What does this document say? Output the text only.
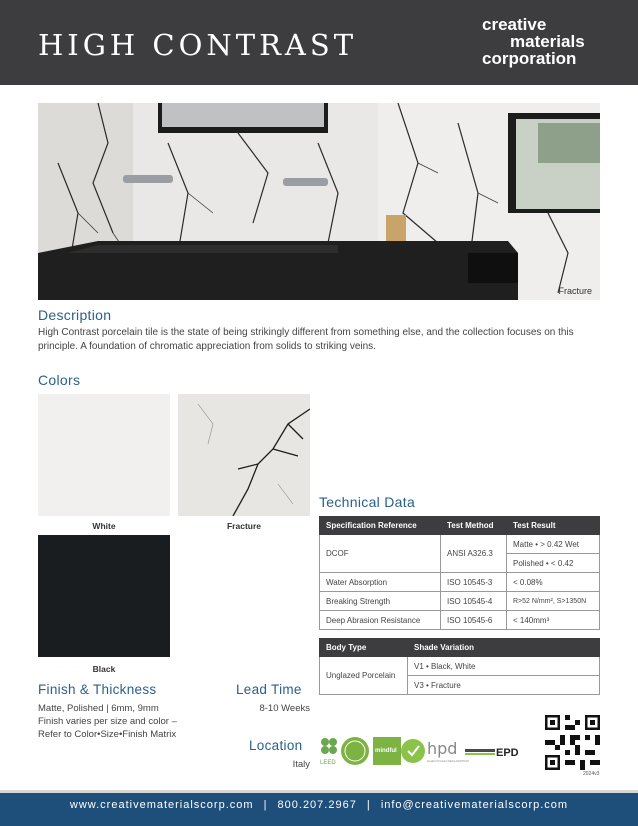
HIGH CONTRAST
creative
materials
corporation
Fracture
Description
High Contrast porcelain tile is the state of being strikingly different from something else, and the collection focuses on this principle. A foundation of chromatic appreciation from solids to striking veins.
Colors
White	Fracture
Black
Technical Data
Specification Reference	Test Method	Test Result
DCOF	ANSI A326.3	Matte • > 0.42 Wet
		Polished • < 0.42
Water Absorption	ISO 10545-3	< 0.08%
Breaking Strength	ISO 10545-4	R>52 N/mm², S>1350N
Deep Abrasion Resistance	ISO 10545-6	< 140mm³
Body Type	Shade Variation
Unglazed Porcelain	V1 • Black, White
	V3 • Fracture
Finish & Thickness
Matte, Polished | 6mm, 9mm
Finish varies per size and color –
Refer to Color•Size•Finish Matrix
Lead Time
8-10 Weeks
Location
Italy LEED
mindful hpd
Health Product DECLARATION
EPD
2024v3
www.creativematerialscorp.com | 800.207.2967 | info@creativematerialscorp.com
